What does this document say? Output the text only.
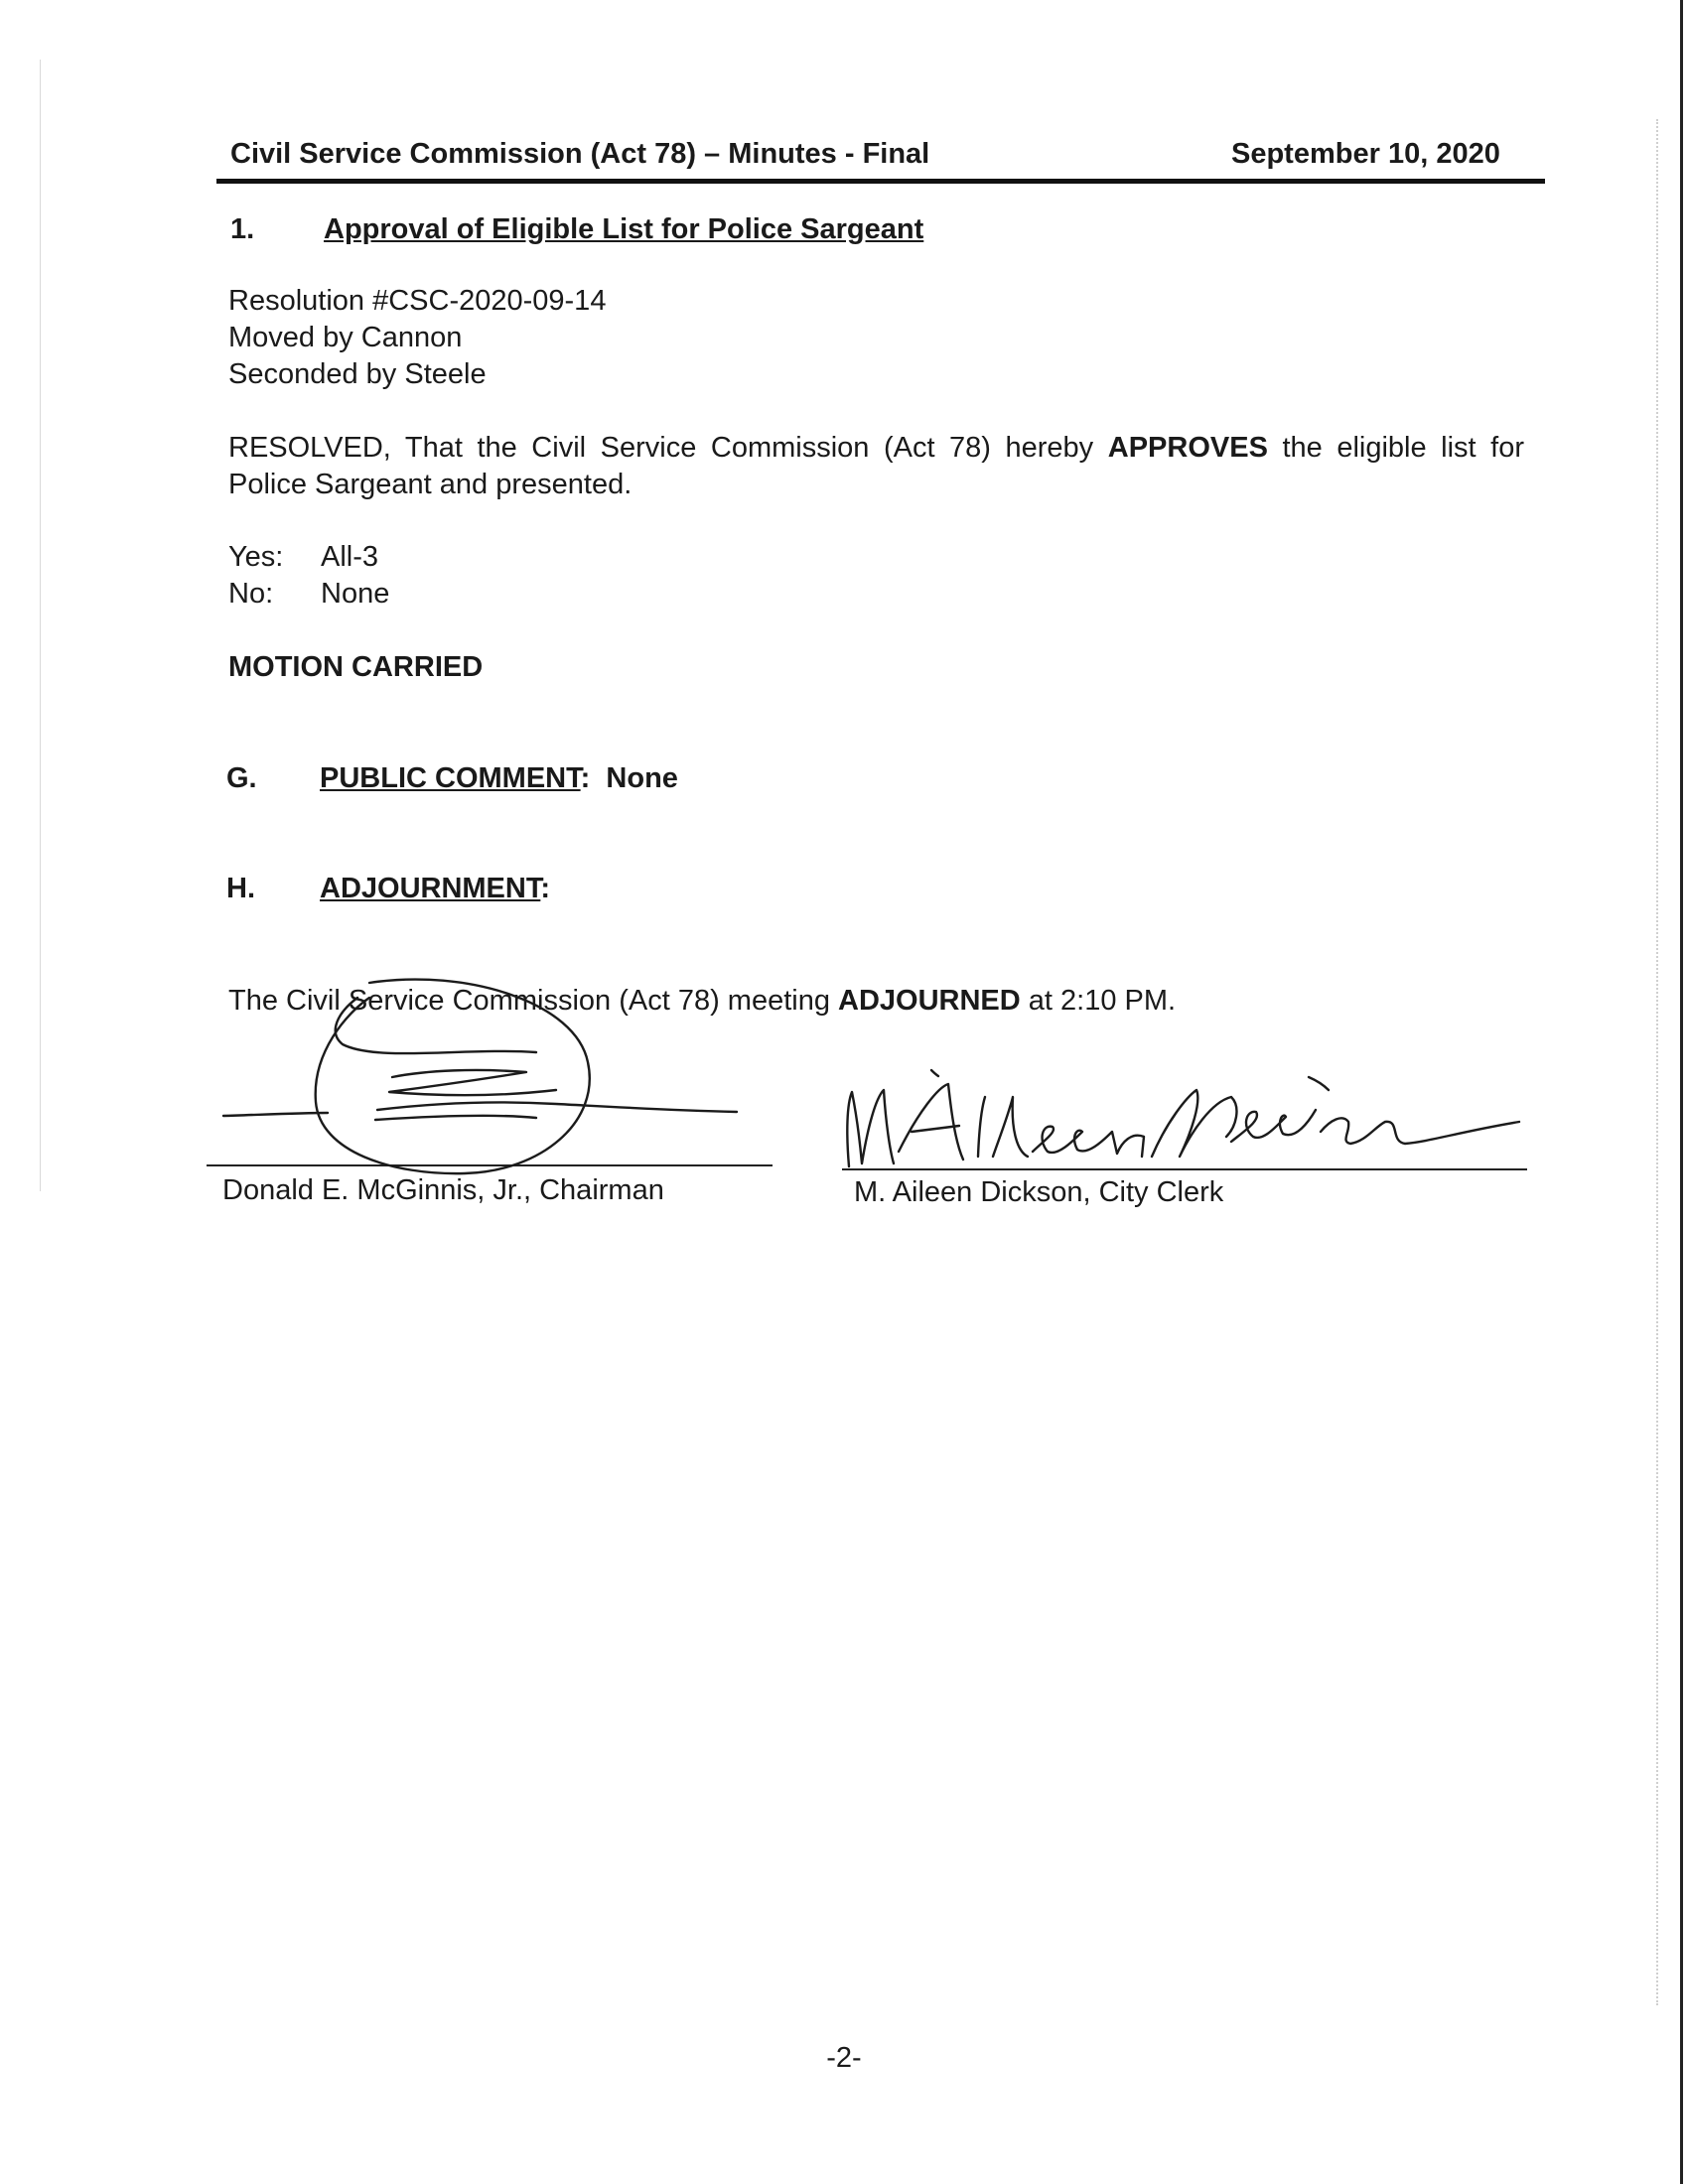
Civil Service Commission (Act 78) – Minutes - Final	September 10, 2020
1. Approval of Eligible List for Police Sargeant
Resolution #CSC-2020-09-14
Moved by Cannon
Seconded by Steele
RESOLVED, That the Civil Service Commission (Act 78) hereby APPROVES the eligible list for Police Sargeant and presented.
Yes: All-3
No: None
MOTION CARRIED
G. PUBLIC COMMENT: None
H. ADJOURNMENT:
The Civil Service Commission (Act 78) meeting ADJOURNED at 2:10 PM.
Donald E. McGinnis, Jr., Chairman	M. Aileen Dickson, City Clerk
-2-
